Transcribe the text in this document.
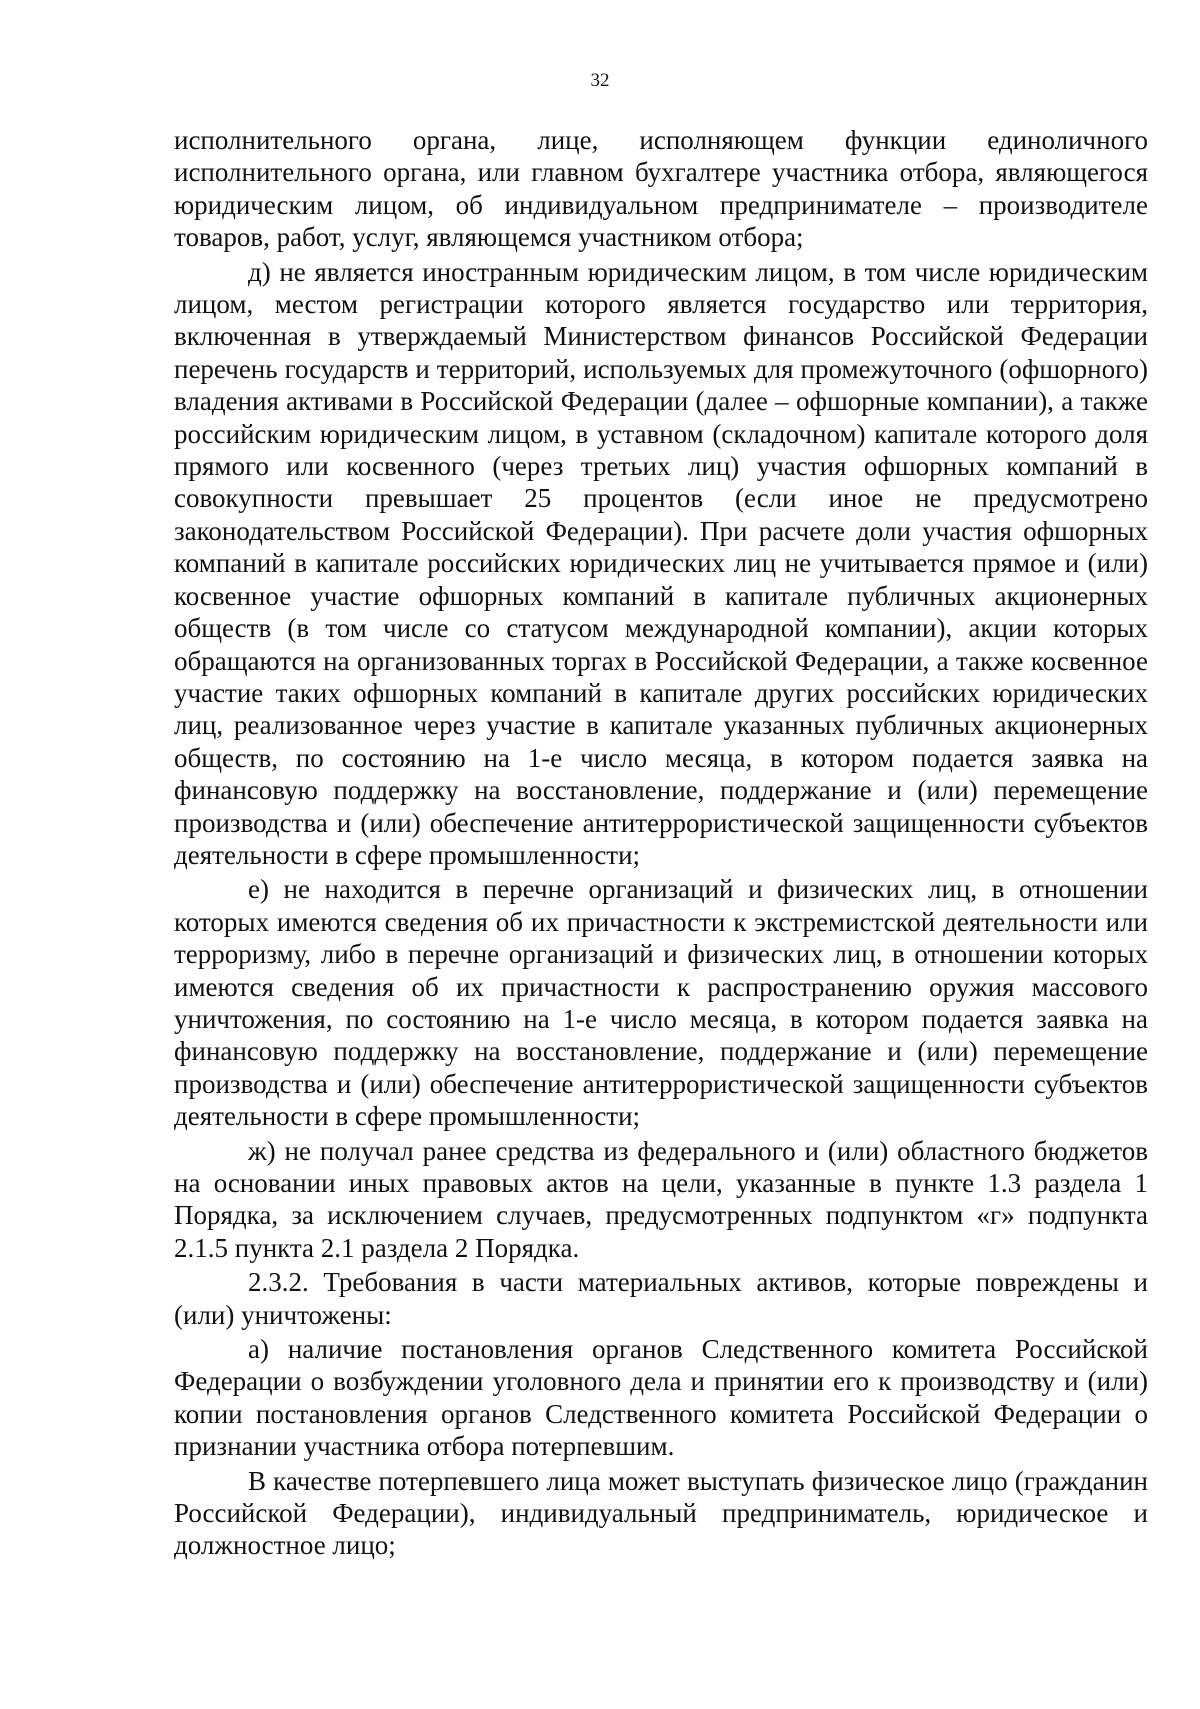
32

исполнительного органа, лице, исполняющем функции единоличного исполнительного органа, или главном бухгалтере участника отбора, являющегося юридическим лицом, об индивидуальном предпринимателе – производителе товаров, работ, услуг, являющемся участником отбора;

д) не является иностранным юридическим лицом, в том числе юридическим лицом, местом регистрации которого является государство или территория, включенная в утверждаемый Министерством финансов Российской Федерации перечень государств и территорий, используемых для промежуточного (офшорного) владения активами в Российской Федерации (далее – офшорные компании), а также российским юридическим лицом, в уставном (складочном) капитале которого доля прямого или косвенного (через третьих лиц) участия офшорных компаний в совокупности превышает 25 процентов (если иное не предусмотрено законодательством Российской Федерации). При расчете доли участия офшорных компаний в капитале российских юридических лиц не учитывается прямое и (или) косвенное участие офшорных компаний в капитале публичных акционерных обществ (в том числе со статусом международной компании), акции которых обращаются на организованных торгах в Российской Федерации, а также косвенное участие таких офшорных компаний в капитале других российских юридических лиц, реализованное через участие в капитале указанных публичных акционерных обществ, по состоянию на 1-е число месяца, в котором подается заявка на финансовую поддержку на восстановление, поддержание и (или) перемещение производства и (или) обеспечение антитеррористической защищенности субъектов деятельности в сфере промышленности;

е) не находится в перечне организаций и физических лиц, в отношении которых имеются сведения об их причастности к экстремистской деятельности или терроризму, либо в перечне организаций и физических лиц, в отношении которых имеются сведения об их причастности к распространению оружия массового уничтожения, по состоянию на 1-е число месяца, в котором подается заявка на финансовую поддержку на восстановление, поддержание и (или) перемещение производства и (или) обеспечение антитеррористической защищенности субъектов деятельности в сфере промышленности;

ж) не получал ранее средства из федерального и (или) областного бюджетов на основании иных правовых актов на цели, указанные в пункте 1.3 раздела 1 Порядка, за исключением случаев, предусмотренных подпунктом «г» подпункта 2.1.5 пункта 2.1 раздела 2 Порядка.

2.3.2. Требования в части материальных активов, которые повреждены и (или) уничтожены:

а) наличие постановления органов Следственного комитета Российской Федерации о возбуждении уголовного дела и принятии его к производству и (или) копии постановления органов Следственного комитета Российской Федерации о признании участника отбора потерпевшим.

В качестве потерпевшего лица может выступать физическое лицо (гражданин Российской Федерации), индивидуальный предприниматель, юридическое и должностное лицо;
